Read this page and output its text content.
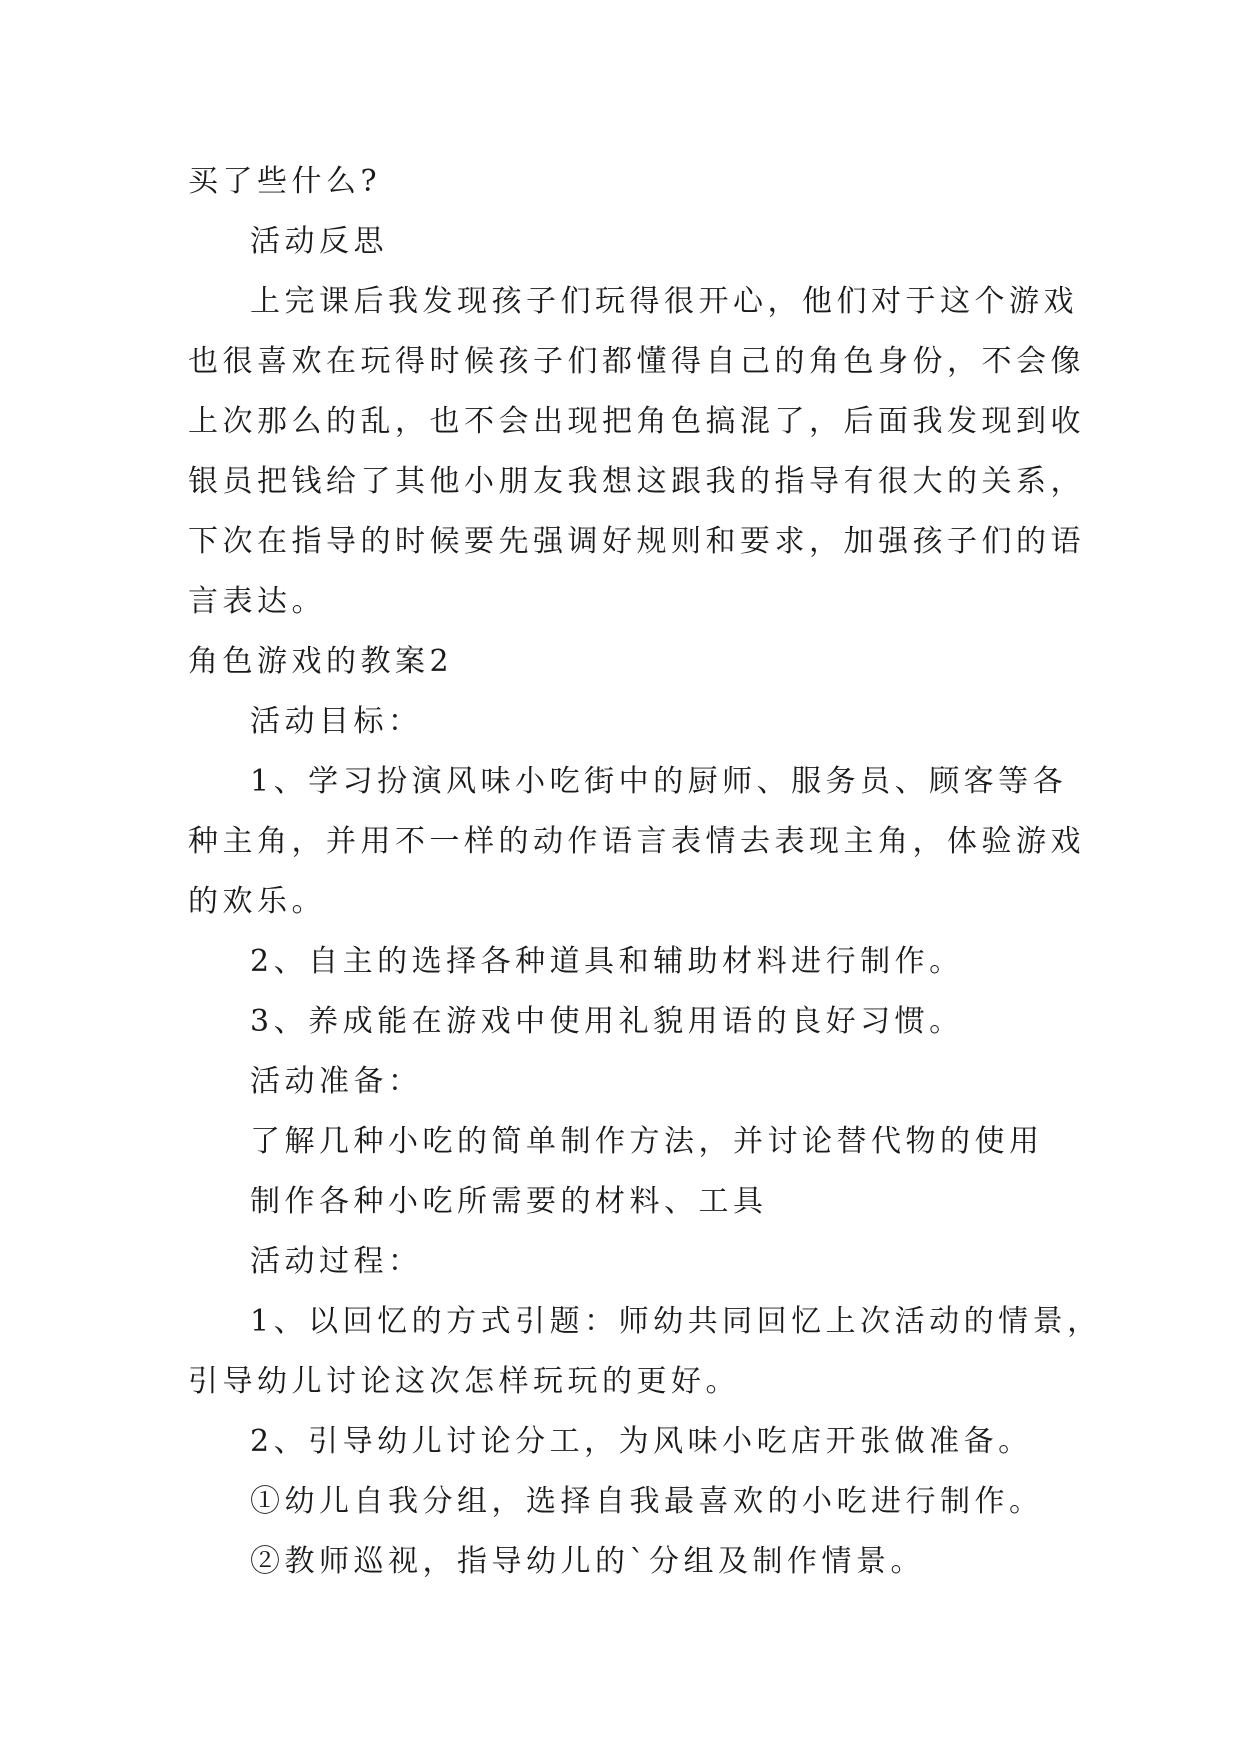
买了些什么?

活动反思

上完课后我发现孩子们玩得很开心，他们对于这个游戏

也很喜欢在玩得时候孩子们都懂得自己的角色身份，不会像

上次那么的乱，也不会出现把角色搞混了，后面我发现到收

银员把钱给了其他小朋友我想这跟我的指导有很大的关系，

下次在指导的时候要先强调好规则和要求，加强孩子们的语

言表达。

角色游戏的教案2

活动目标：

1、学习扮演风味小吃街中的厨师、服务员、顾客等各

种主角，并用不一样的动作语言表情去表现主角，体验游戏

的欢乐。

2、自主的选择各种道具和辅助材料进行制作。

3、养成能在游戏中使用礼貌用语的良好习惯。

活动准备：

了解几种小吃的简单制作方法，并讨论替代物的使用

制作各种小吃所需要的材料、工具

活动过程：

1、以回忆的方式引题：师幼共同回忆上次活动的情景，

引导幼儿讨论这次怎样玩玩的更好。

2、引导幼儿讨论分工，为风味小吃店开张做准备。

①幼儿自我分组，选择自我最喜欢的小吃进行制作。

②教师巡视，指导幼儿的`分组及制作情景。
